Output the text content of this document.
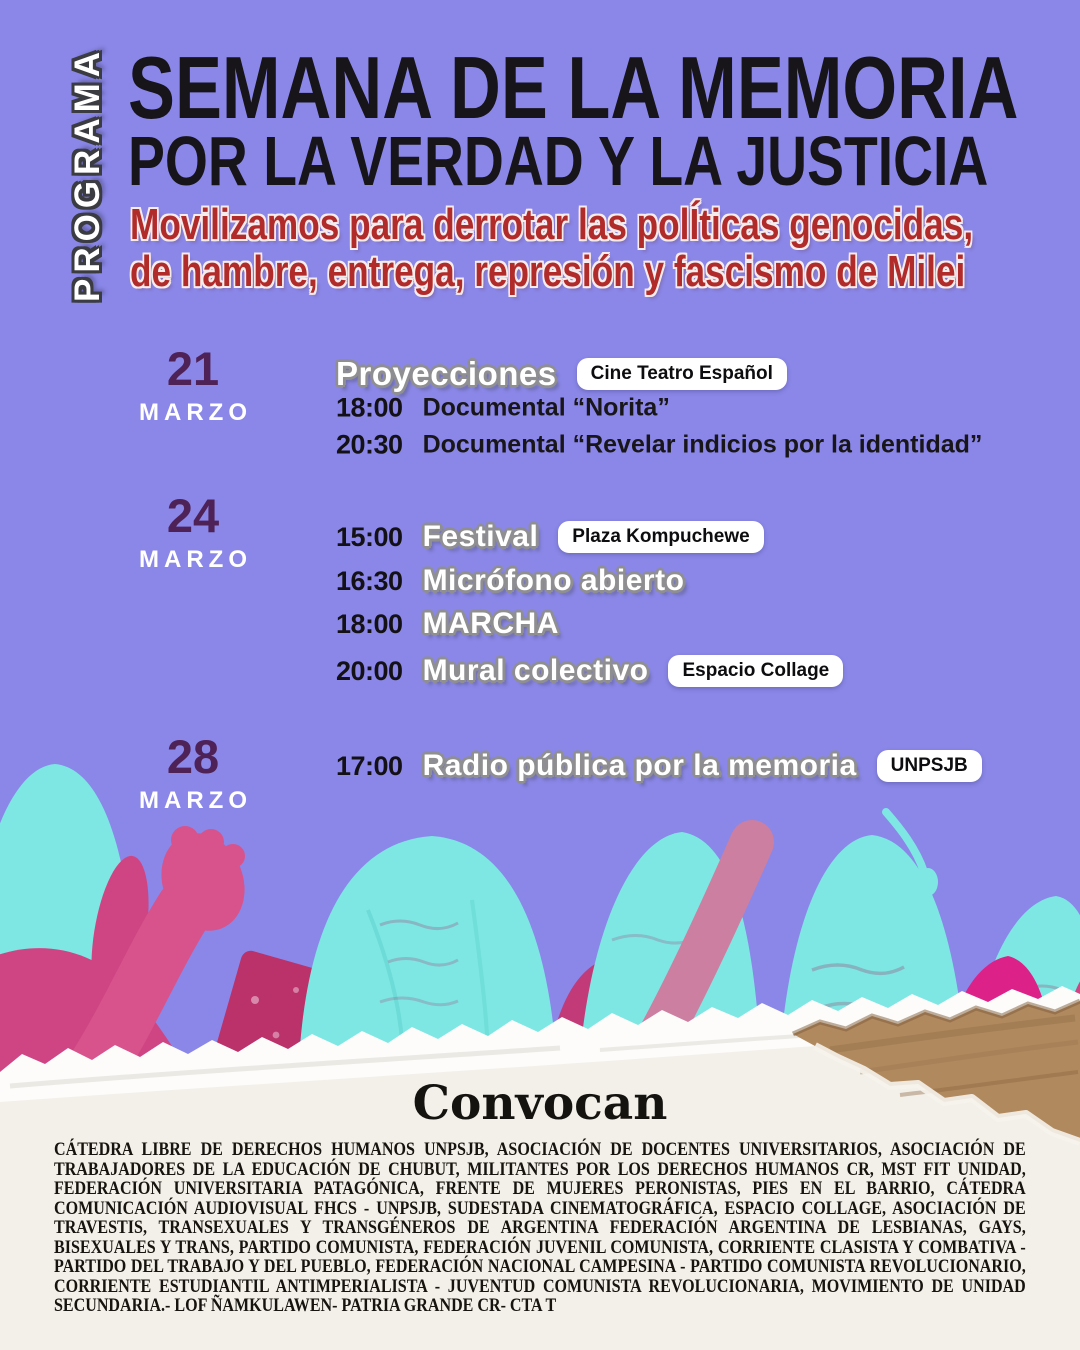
PROGRAMA SEMANA DE LA MEMORIA
POR LA VERDAD Y LA JUSTICIA

Movilizamos para derrotar las polÍticas genocidas,

de hambre, entrega, represión y fascismo de Milei

21
MARZO
Proyecciones	Cine Teatro Español
18:00 Documental “Norita”
20:30 Documental “Revelar indicios por la identidad”
24
MARZO
15:00 Festival	Plaza Kompuchewe
16:30 Micrófono abierto
18:00 MARCHA
20:00 Mural colectivo	Espacio Collage
28
MARZO
17:00 Radio pública por la memoria	UNPSJB
Convocan

CÁTEDRA LIBRE DE DERECHOS HUMANOS UNPSJB, ASOCIACIÓN DE DOCENTES UNIVERSITARIOS, ASOCIACIÓN DE TRABAJADORES DE LA EDUCACIÓN DE CHUBUT, MILITANTES POR LOS DERECHOS HUMANOS CR, MST FIT UNIDAD, FEDERACIÓN UNIVERSITARIA PATAGÓNICA, FRENTE DE MUJERES PERONISTAS, PIES EN EL BARRIO, CÁTEDRA COMUNICACIÓN AUDIOVISUAL FHCS - UNPSJB, SUDESTADA CINEMATOGRÁFICA, ESPACIO COLLAGE, ASOCIACIÓN DE TRAVESTIS, TRANSEXUALES Y TRANSGÉNEROS DE ARGENTINA FEDERACIÓN ARGENTINA DE LESBIANAS, GAYS, BISEXUALES Y TRANS, PARTIDO COMUNISTA, FEDERACIÓN JUVENIL COMUNISTA, CORRIENTE CLASISTA Y COMBATIVA - PARTIDO DEL TRABAJO Y DEL PUEBLO, FEDERACIÓN NACIONAL CAMPESINA - PARTIDO COMUNISTA REVOLUCIONARIO, CORRIENTE ESTUDIANTIL ANTIMPERIALISTA - JUVENTUD COMUNISTA REVOLUCIONARIA, MOVIMIENTO DE UNIDAD SECUNDARIA.- LOF ÑAMKULAWEN- PATRIA GRANDE CR- CTA T
